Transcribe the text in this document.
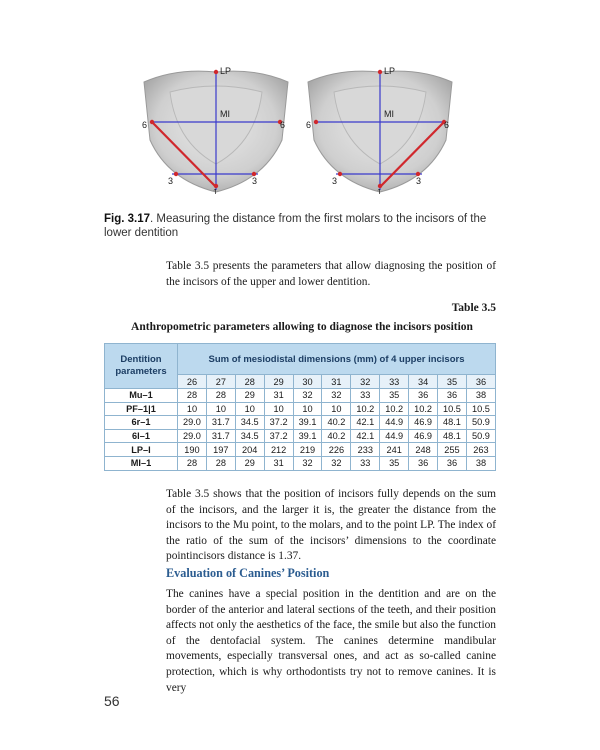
LP
MI
6	6
3	3
1
LP
MI
6	6
3	3
1
Fig. 3.17. Measuring the distance from the first molars to the incisors of the lower dentition
Table 3.5 presents the parameters that allow diagnosing the position of the incisors of the upper and lower dentition.
Table 3.5
Anthropometric parameters allowing to diagnose the incisors position
Dentition parameters	Sum of mesiodistal dimensions (mm) of 4 upper incisors										
	26	27	28	29	30	31	32	33	34	35	36
Mu–1	28	28	29	31	32	32	33	35	36	36	38
PF–1|1	10	10	10	10	10	10	10.2	10.2	10.2	10.5	10.5
6r–1	29.0	31.7	34.5	37.2	39.1	40.2	42.1	44.9	46.9	48.1	50.9
6l–1	29.0	31.7	34.5	37.2	39.1	40.2	42.1	44.9	46.9	48.1	50.9
LP–I	190	197	204	212	219	226	233	241	248	255	263
MI–1	28	28	29	31	32	32	33	35	36	36	38
Table 3.5 shows that the position of incisors fully depends on the sum of the incisors, and the larger it is, the greater the distance from the incisors to the Mu point, to the molars, and to the point LP. The index of the ratio of the sum of the incisors’ dimensions to the coordinate pointincisors distance is 1.37.
Evaluation of Canines’ Position
The canines have a special position in the dentition and are on the border of the anterior and lateral sections of the teeth, and their position affects not only the aesthetics of the face, the smile but also the function of the dentofacial system. The canines determine mandibular movements, especially transversal ones, and act as so-called canine protection, which is why orthodontists try not to remove canines. It is very
56
